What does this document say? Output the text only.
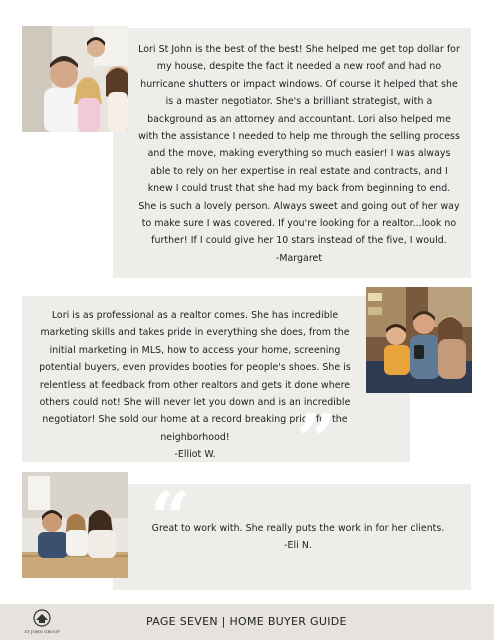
Lori St John is the best of the best! She helped me get top dollar for my house, despite the fact it needed a new roof and had no hurricane shutters or impact windows. Of course it helped that she is a master negotiator. She's a brilliant strategist, with a background as an attorney and accountant. Lori also helped me with the assistance I needed to help me through the selling process and the move, making everything so much easier! I was always able to rely on her expertise in real estate and contracts, and I knew I could trust that she had my back from beginning to end. She is such a lovely person. Always sweet and going out of her way to make sure I was covered. If you're looking for a realtor...look no further! If I could give her 10 stars instead of the five, I would.
-Margaret
Lori is as professional as a realtor comes. She has incredible marketing skills and takes pride in everything she does, from the initial marketing in MLS, how to access your home, screening potential buyers, even provides booties for people's shoes. She is relentless at feedback from other realtors and gets it done where others could not! She will never let you down and is an incredible negotiator! She sold our home at a record breaking price for the neighborhood!
-Elliot W.	”
“
Great to work with. She really puts the work in for her clients.
-Eli N.
PAGE SEVEN | HOME BUYER GUIDE
ST JOHN GROUP
